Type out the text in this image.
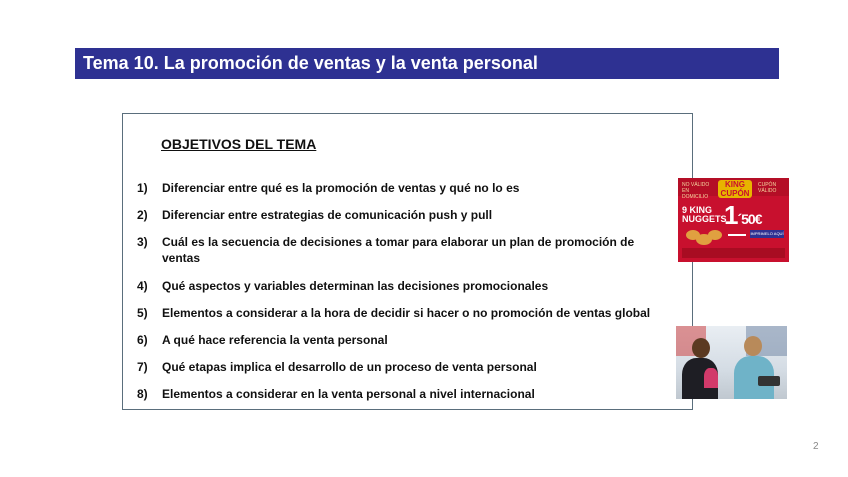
Tema 10. La promoción de ventas y la venta personal
OBJETIVOS DEL TEMA
1)	Diferenciar entre qué es la promoción de ventas y qué no lo es
2)	Diferenciar entre estrategias de comunicación push y pull
3)	Cuál es la secuencia de decisiones a tomar para elaborar un plan de promoción de ventas
4)	Qué aspectos y variables determinan las decisiones promocionales
5)	Elementos a considerar a la hora de decidir si hacer o no promoción de ventas global
6)	A qué hace referencia la venta personal
7)	Qué etapas implica el desarrollo de un proceso de venta personal
8)	Elementos a considerar en la venta personal a nivel internacional
NO VÁLIDO EN DOMICILIO
KING CUPÓN
CUPÓN VÁLIDO
9 KING NUGGETS
1´50€
IMPRIMELO AQUÍ
2
